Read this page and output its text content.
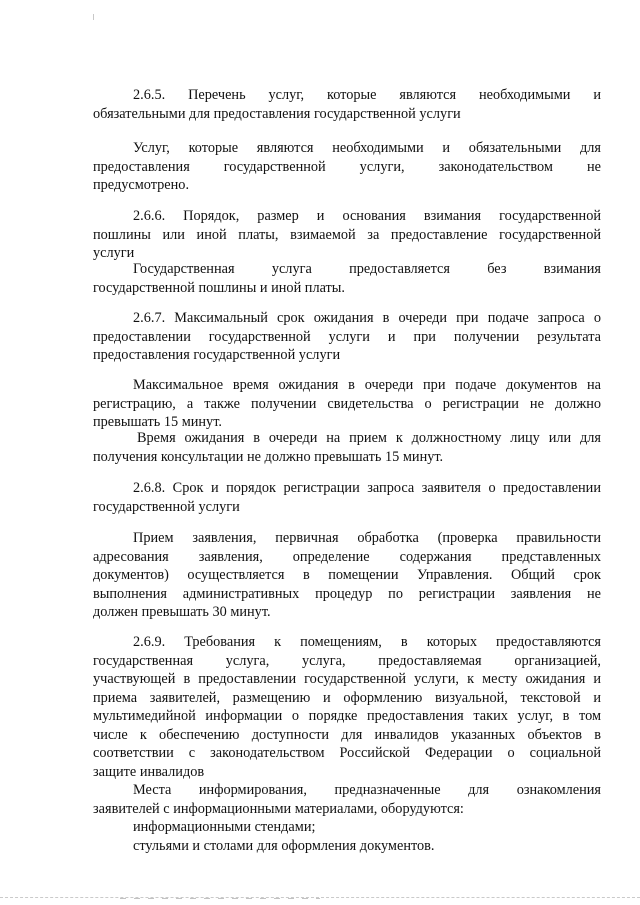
2.6.5. Перечень услуг, которые являются необходимыми и
обязательными для предоставления государственной услуги
Услуг, которые являются необходимыми и обязательными для
предоставления государственной услуги, законодательством не
предусмотрено.
2.6.6. Порядок, размер и основания взимания государственной
пошлины или иной платы, взимаемой за предоставление государственной
услуги
Государственная услуга предоставляется без взимания
государственной пошлины и иной платы.
2.6.7. Максимальный срок ожидания в очереди при подаче запроса о
предоставлении государственной услуги и при получении результата
предоставления государственной услуги
Максимальное время ожидания в очереди при подаче документов на
регистрацию, а также получении свидетельства о регистрации не должно
превышать 15 минут.
Время ожидания в очереди на прием к должностному лицу или для
получения консультации не должно превышать 15 минут.
2.6.8. Срок и порядок регистрации запроса заявителя о предоставлении
государственной услуги
Прием заявления, первичная обработка (проверка правильности
адресования заявления, определение содержания представленных
документов) осуществляется в помещении Управления. Общий срок
выполнения административных процедур по регистрации заявления не
должен превышать 30 минут.
2.6.9. Требования к помещениям, в которых предоставляются
государственная услуга, услуга, предоставляемая организацией,
участвующей в предоставлении государственной услуги, к месту ожидания и
приема заявителей, размещению и оформлению визуальной, текстовой и
мультимедийной информации о порядке предоставления таких услуг, в том
числе к обеспечению доступности для инвалидов указанных объектов в
соответствии с законодательством Российской Федерации о социальной
защите инвалидов
Места информирования, предназначенные для ознакомления
заявителей с информационными материалами, оборудуются:
информационными стендами;
стульями и столами для оформления документов.
